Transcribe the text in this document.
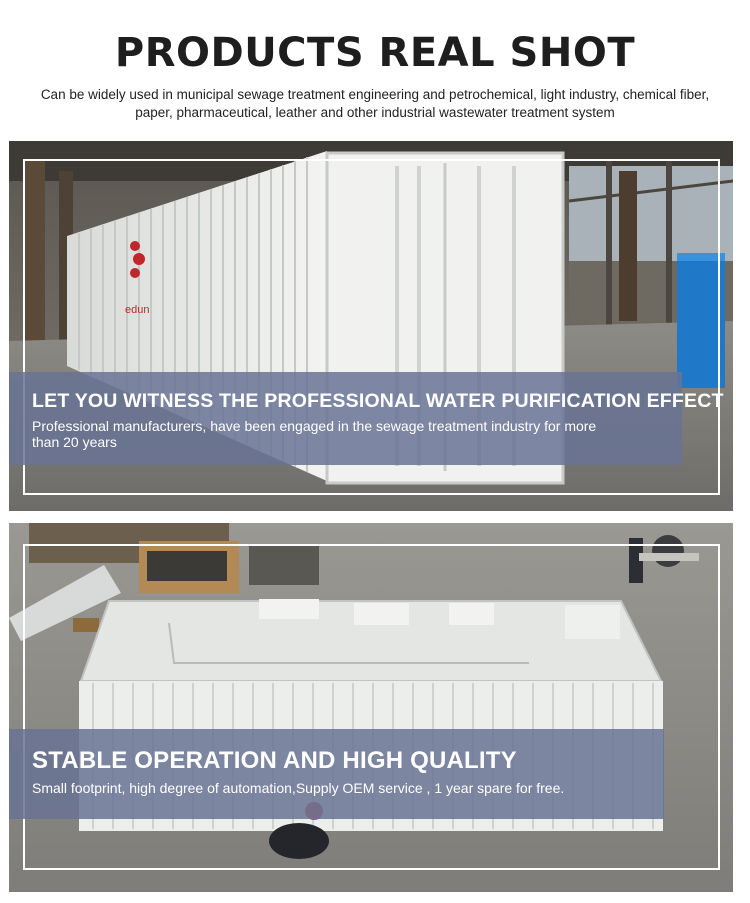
PRODUCTS REAL SHOT
Can be widely used in municipal sewage treatment engineering and petrochemical, light industry, chemical fiber, paper, pharmaceutical, leather and other industrial wastewater treatment system
edun
LET YOU WITNESS THE PROFESSIONAL WATER PURIFICATION EFFECT
Professional manufacturers, have been engaged in the sewage treatment industry for more than 20 years
STABLE OPERATION AND HIGH QUALITY
Small footprint, high degree of automation,Supply OEM service , 1 year spare for free.
